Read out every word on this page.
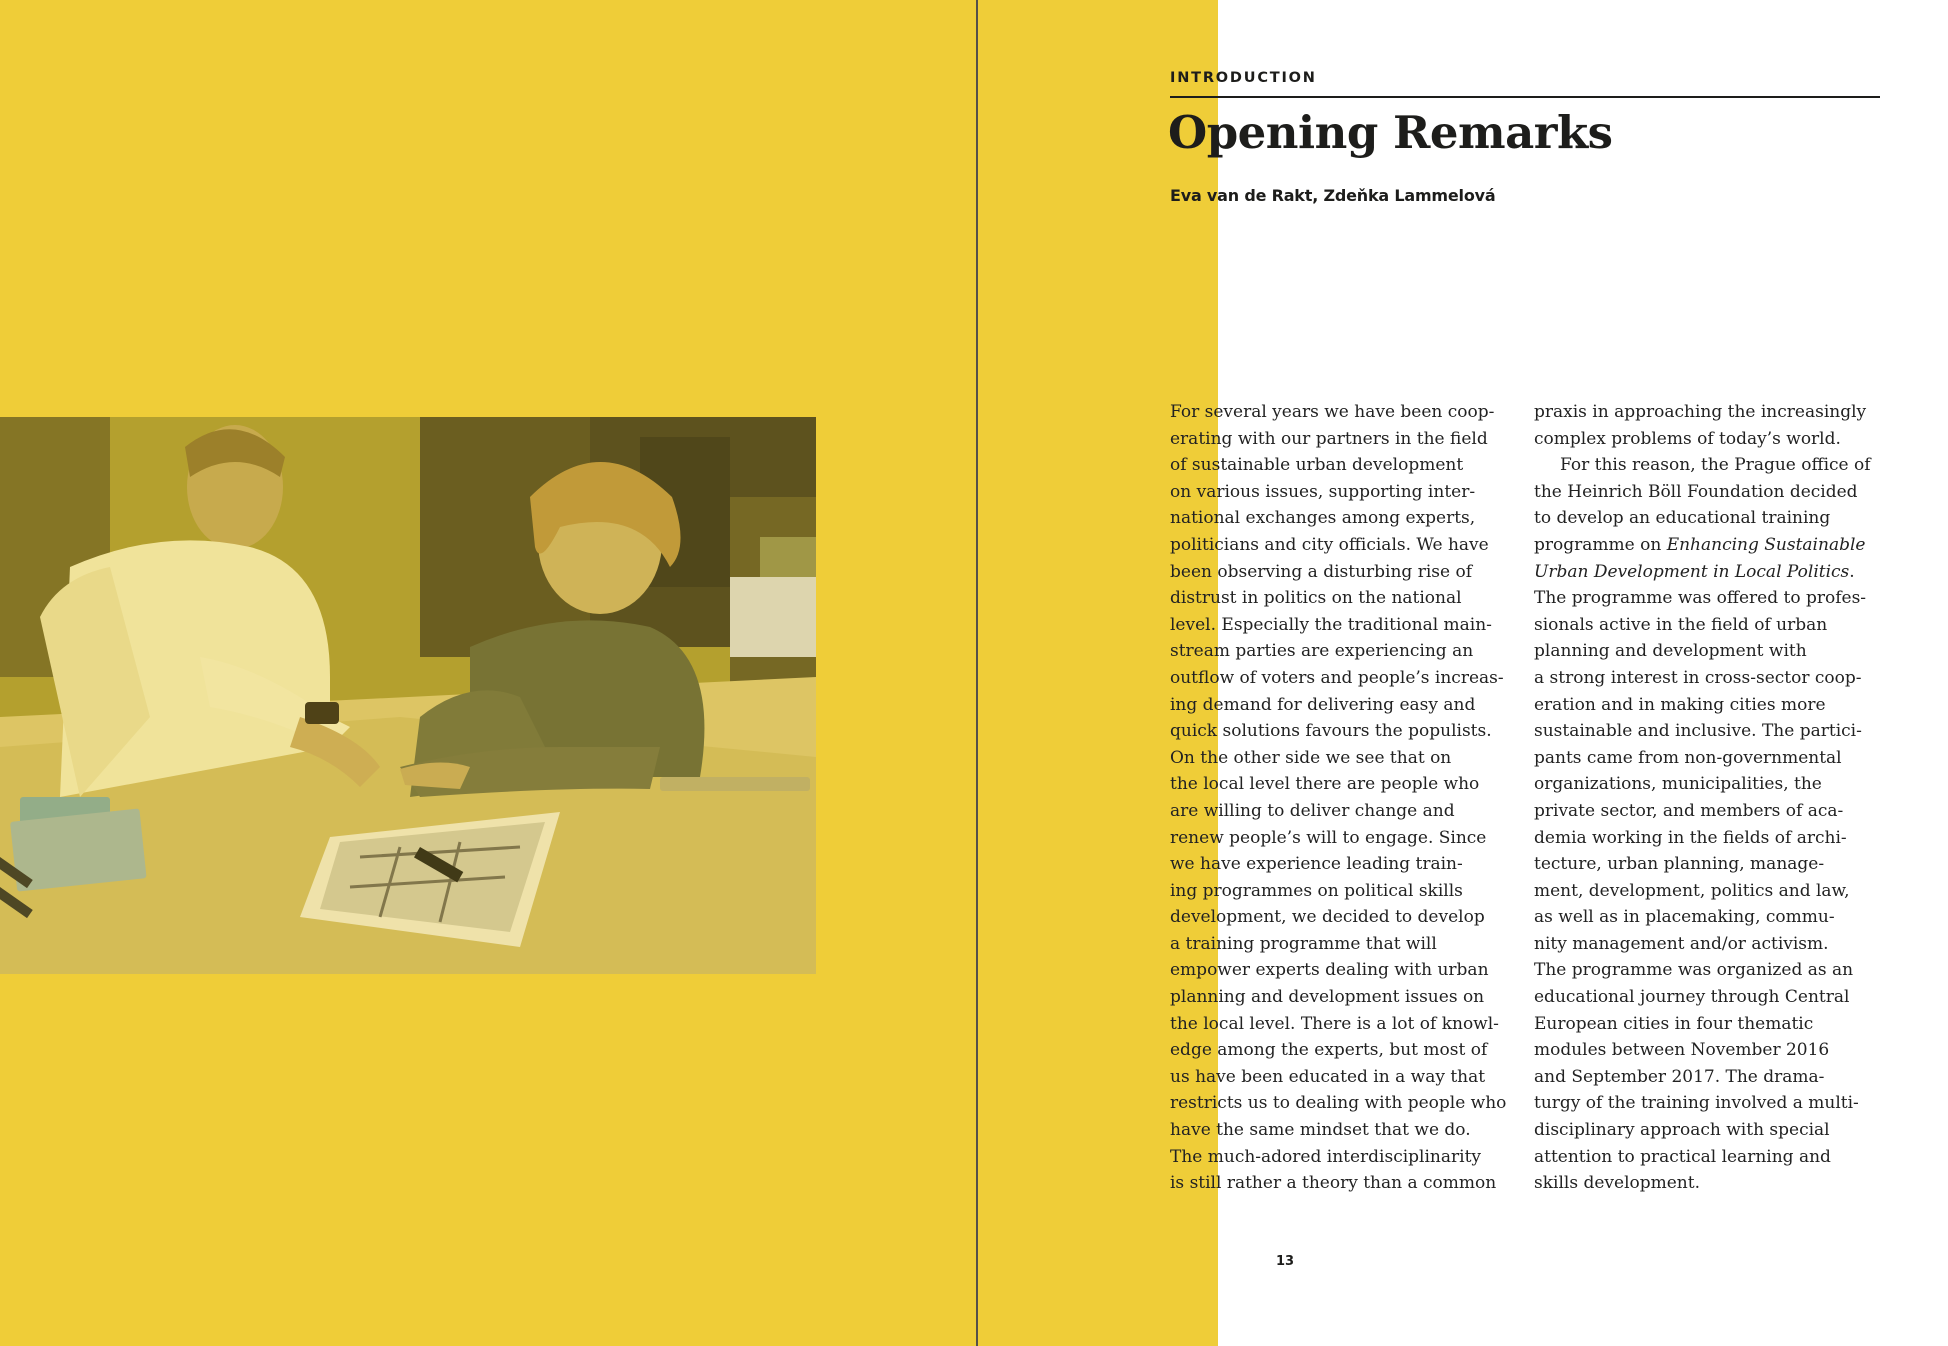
INTRODUCTION
Opening Remarks
Eva van de Rakt, Zdeňka Lammelová
For several years we have been coop-
erating with our partners in the field
of sustainable urban development
on various issues, supporting inter-
national exchanges among experts,
politicians and city officials. We have
been observing a disturbing rise of
distrust in politics on the national
level. Especially the traditional main-
stream parties are experiencing an
outflow of voters and people’s increas-
ing demand for delivering easy and
quick solutions favours the populists.
On the other side we see that on
the local level there are people who
are willing to deliver change and
renew people’s will to engage. Since
we have experience leading train-
ing programmes on political skills
development, we decided to develop
a training programme that will
empower experts dealing with urban
planning and development issues on
the local level. There is a lot of knowl-
edge among the experts, but most of
us have been educated in a way that
restricts us to dealing with people who
have the same mindset that we do.
The much-adored interdisciplinarity
is still rather a theory than a common
praxis in approaching the increasingly
complex problems of today’s world.
For this reason, the Prague office of
the Heinrich Böll Foundation decided
to develop an educational training
programme on Enhancing Sustainable
Urban Development in Local Politics.
The programme was offered to profes-
sionals active in the field of urban
planning and development with
a strong interest in cross-sector coop-
eration and in making cities more
sustainable and inclusive. The partici-
pants came from non-governmental
organizations, municipalities, the
private sector, and members of aca-
demia working in the fields of archi-
tecture, urban planning, manage-
ment, development, politics and law,
as well as in placemaking, commu-
nity management and/or activism.
The programme was organized as an
educational journey through Central
European cities in four thematic
modules between November 2016
and September 2017. The drama-
turgy of the training involved a multi-
disciplinary approach with special
attention to practical learning and
skills development.
13
